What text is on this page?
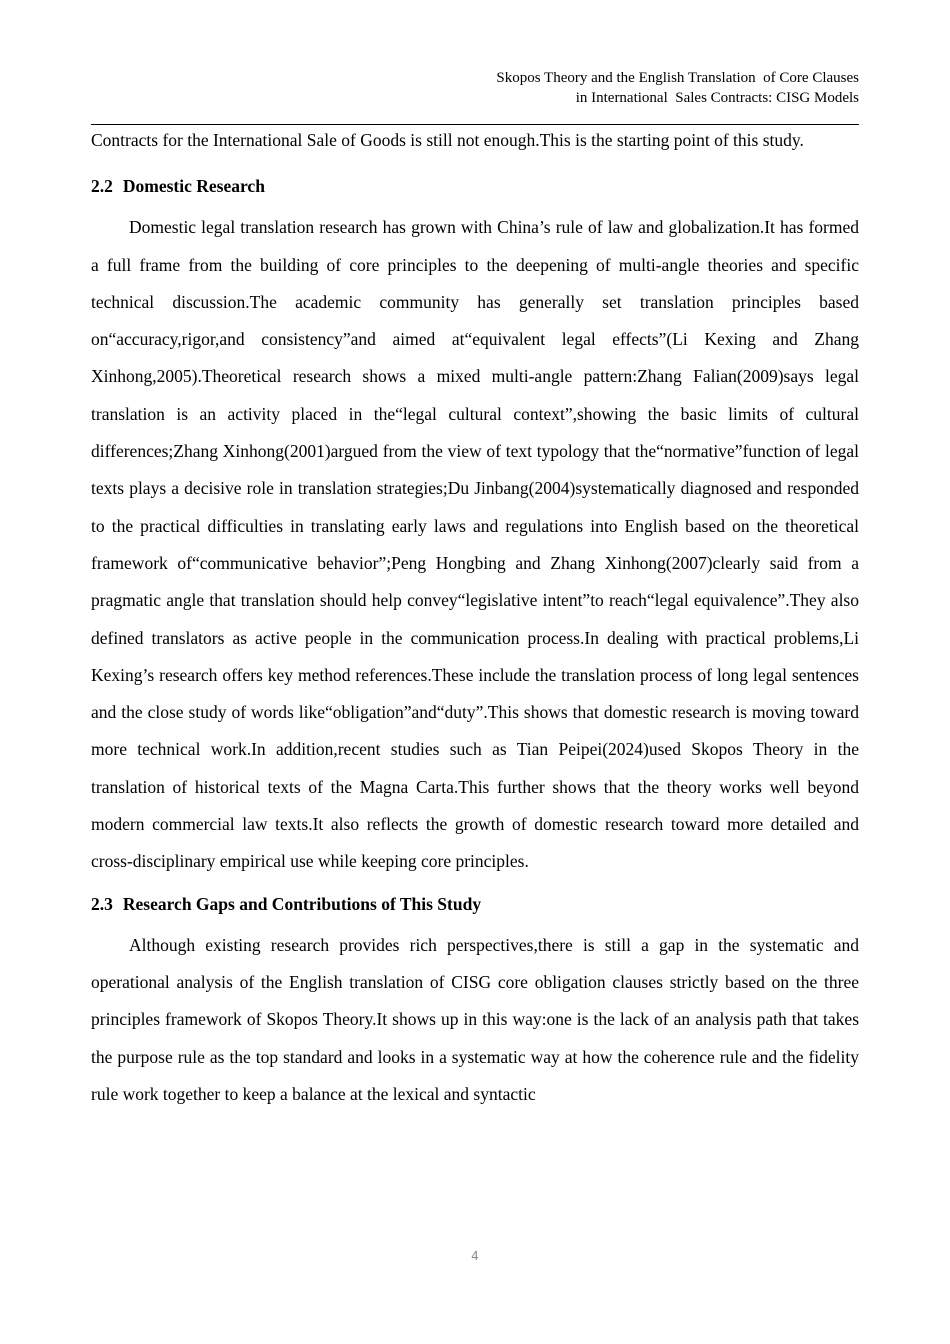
Skopos Theory and the English Translation  of Core Clauses
in International  Sales Contracts: CISG Models

Contracts for the International Sale of Goods is still not enough.This is the starting point of this study.

2.2 Domestic Research

Domestic legal translation research has grown with China’s rule of law and globalization.It has formed a full frame from the building of core principles to the deepening of multi-angle theories and specific technical discussion.The academic community has generally set translation principles based on“accuracy,rigor,and consistency”and aimed at“equivalent legal effects”(Li Kexing and Zhang Xinhong,2005).Theoretical research shows a mixed multi-angle pattern:Zhang Falian(2009)says legal translation is an activity placed in the“legal cultural context”,showing the basic limits of cultural differences;Zhang Xinhong(2001)argued from the view of text typology that the“normative”function of legal texts plays a decisive role in translation strategies;Du Jinbang(2004)systematically diagnosed and responded to the practical difficulties in translating early laws and regulations into English based on the theoretical framework of“communicative behavior”;Peng Hongbing and Zhang Xinhong(2007)clearly said from a pragmatic angle that translation should help convey“legislative intent”to reach“legal equivalence”.They also defined translators as active people in the communication process.In dealing with practical problems,Li Kexing’s research offers key method references.These include the translation process of long legal sentences and the close study of words like“obligation”and“duty”.This shows that domestic research is moving toward more technical work.In addition,recent studies such as Tian Peipei(2024)used Skopos Theory in the translation of historical texts of the Magna Carta.This further shows that the theory works well beyond modern commercial law texts.It also reflects the growth of domestic research toward more detailed and cross-disciplinary empirical use while keeping core principles.

2.3 Research Gaps and Contributions of This Study

Although existing research provides rich perspectives,there is still a gap in the systematic and operational analysis of the English translation of CISG core obligation clauses strictly based on the three principles framework of Skopos Theory.It shows up in this way:one is the lack of an analysis path that takes the purpose rule as the top standard and looks in a systematic way at how the coherence rule and the fidelity rule work together to keep a balance at the lexical and syntactic

4
